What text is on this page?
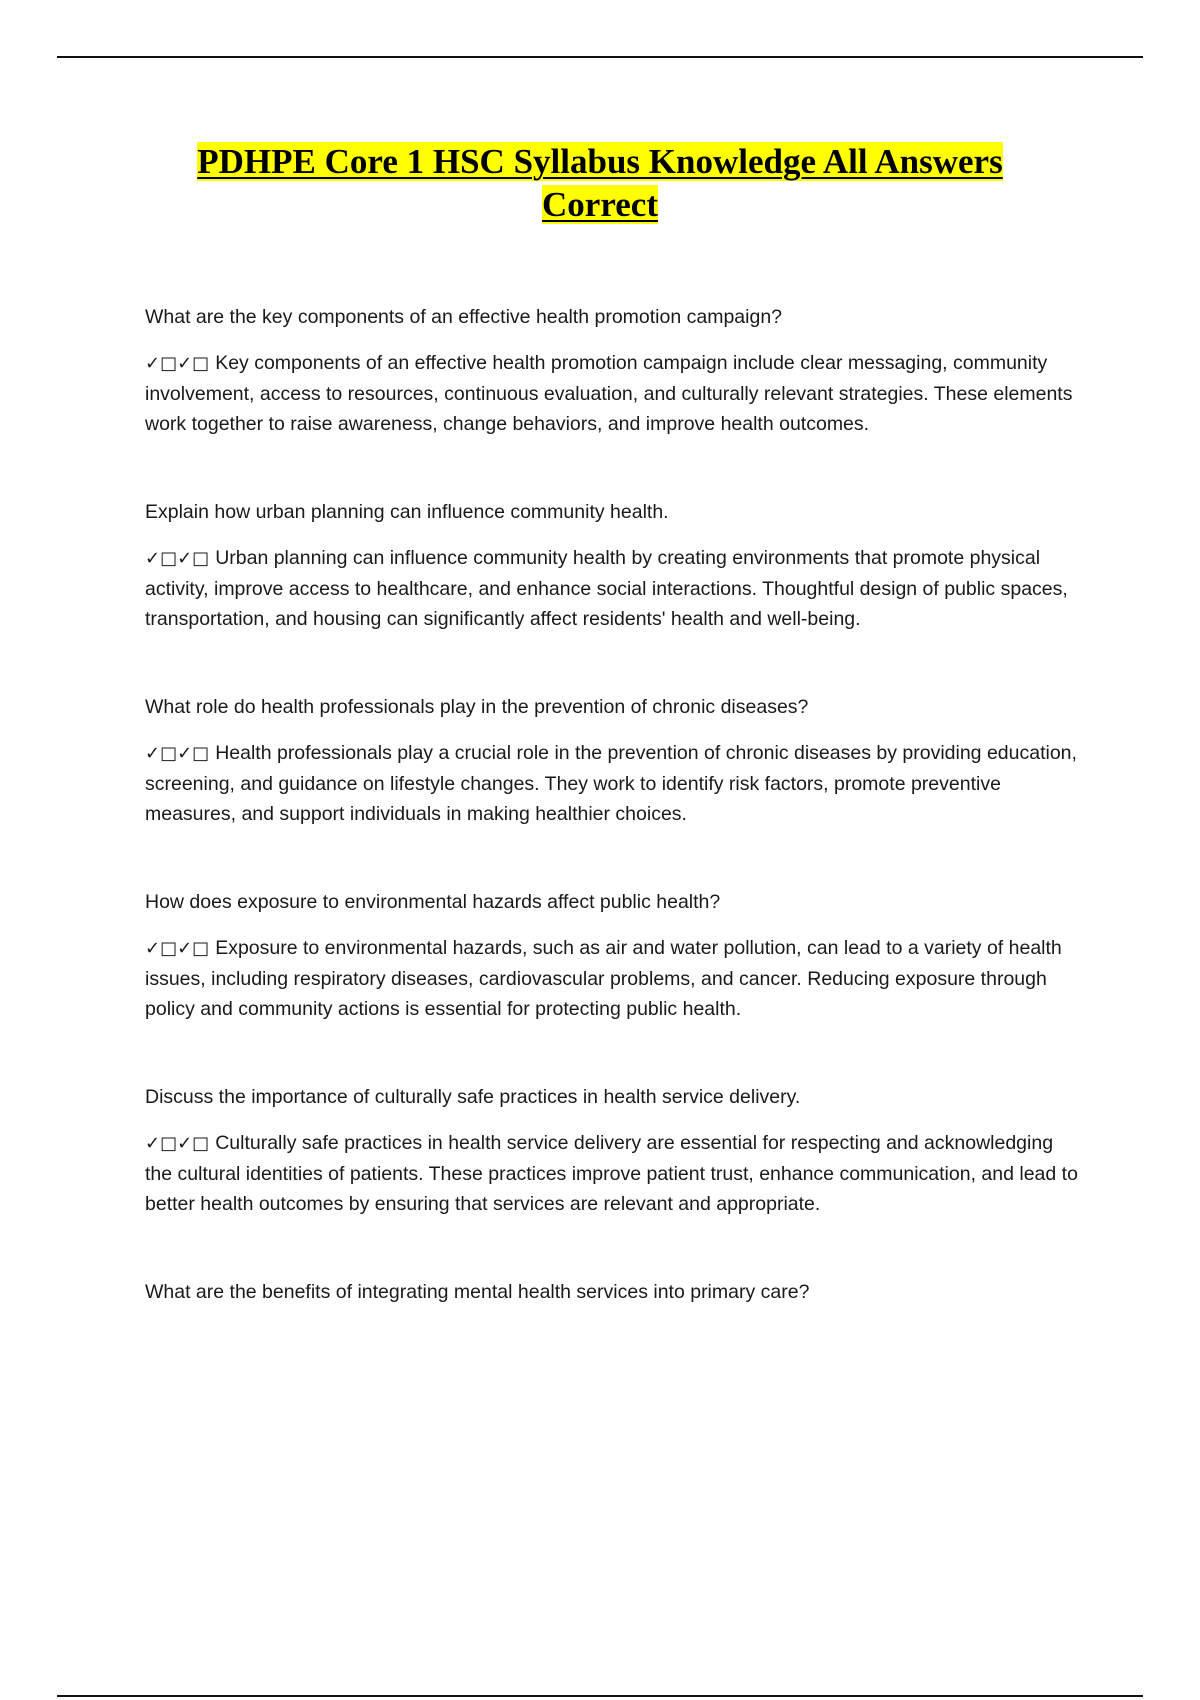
PDHPE Core 1 HSC Syllabus Knowledge All Answers Correct

What are the key components of an effective health promotion campaign?

✓□✓□ Key components of an effective health promotion campaign include clear messaging, community involvement, access to resources, continuous evaluation, and culturally relevant strategies. These elements work together to raise awareness, change behaviors, and improve health outcomes.

Explain how urban planning can influence community health.

✓□✓□ Urban planning can influence community health by creating environments that promote physical activity, improve access to healthcare, and enhance social interactions. Thoughtful design of public spaces, transportation, and housing can significantly affect residents' health and well-being.

What role do health professionals play in the prevention of chronic diseases?

✓□✓□ Health professionals play a crucial role in the prevention of chronic diseases by providing education, screening, and guidance on lifestyle changes. They work to identify risk factors, promote preventive measures, and support individuals in making healthier choices.

How does exposure to environmental hazards affect public health?

✓□✓□ Exposure to environmental hazards, such as air and water pollution, can lead to a variety of health issues, including respiratory diseases, cardiovascular problems, and cancer. Reducing exposure through policy and community actions is essential for protecting public health.

Discuss the importance of culturally safe practices in health service delivery.

✓□✓□ Culturally safe practices in health service delivery are essential for respecting and acknowledging the cultural identities of patients. These practices improve patient trust, enhance communication, and lead to better health outcomes by ensuring that services are relevant and appropriate.

What are the benefits of integrating mental health services into primary care?
